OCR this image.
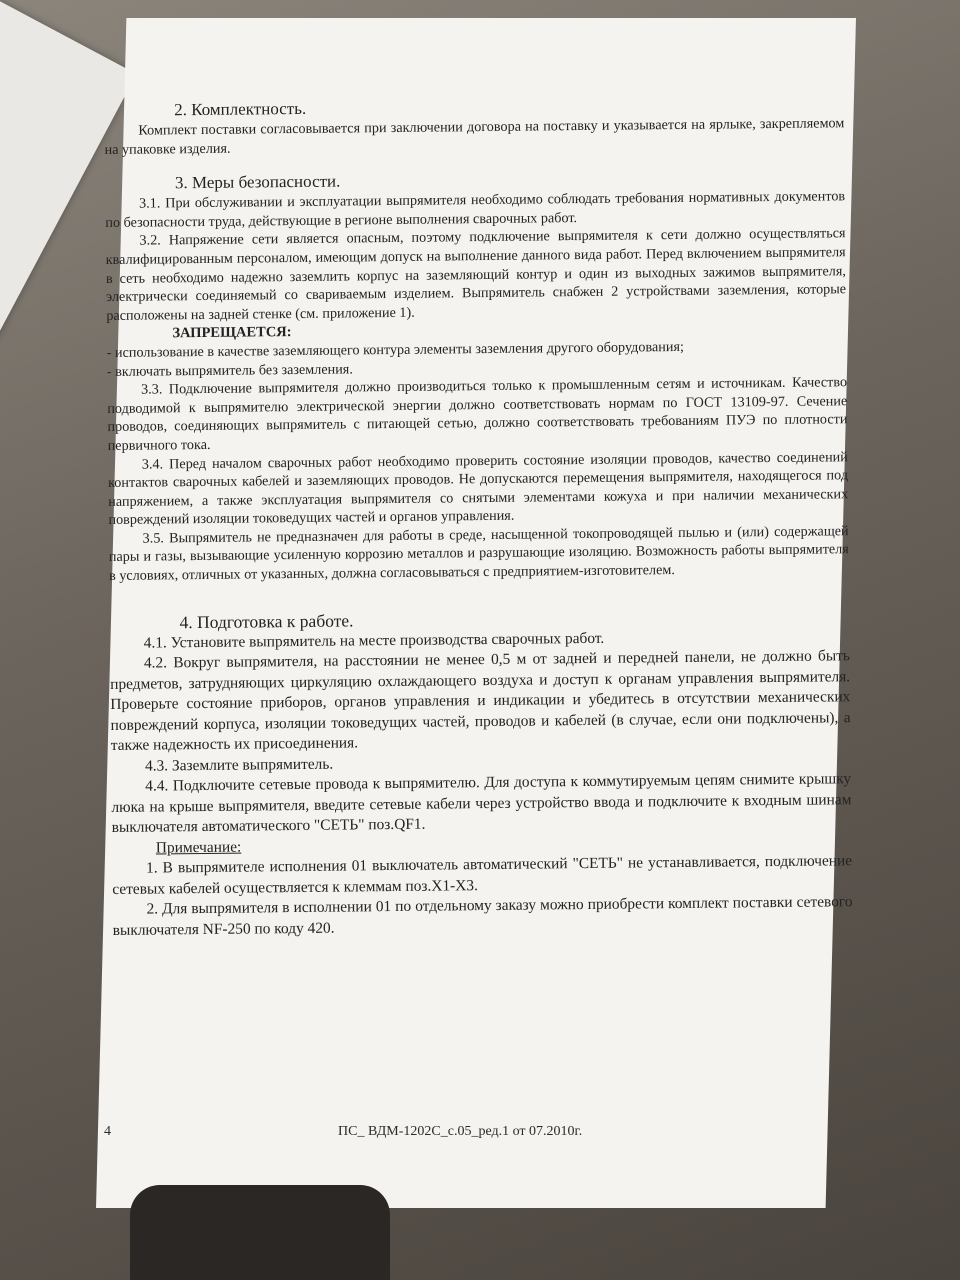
2. Комплектность.

Комплект поставки согласовывается при заключении договора на поставку и указывается на ярлыке, закрепляемом на упаковке изделия.

3. Меры безопасности.

3.1. При обслуживании и эксплуатации выпрямителя необходимо соблюдать требования нормативных документов по безопасности труда, действующие в регионе выполнения сварочных работ.

3.2. Напряжение сети является опасным, поэтому подключение выпрямителя к сети должно осуществляться квалифицированным персоналом, имеющим допуск на выполнение данного вида работ. Перед включением выпрямителя в сеть необходимо надежно заземлить корпус на заземляющий контур и один из выходных зажимов выпрямителя, электрически соединяемый со свариваемым изделием. Выпрямитель снабжен 2 устройствами заземления, которые расположены на задней стенке (см. приложение 1).

ЗАПРЕЩАЕТСЯ:

- использование в качестве заземляющего контура элементы заземления другого оборудования;

- включать выпрямитель без заземления.

3.3. Подключение выпрямителя должно производиться только к промышленным сетям и источникам. Качество подводимой к выпрямителю электрической энергии должно соответствовать нормам по ГОСТ 13109-97. Сечение проводов, соединяющих выпрямитель с питающей сетью, должно соответствовать требованиям ПУЭ по плотности первичного тока.

3.4. Перед началом сварочных работ необходимо проверить состояние изоляции проводов, качество соединений контактов сварочных кабелей и заземляющих проводов. Не допускаются перемещения выпрямителя, находящегося под напряжением, а также эксплуатация выпрямителя со снятыми элементами кожуха и при наличии механических повреждений изоляции токоведущих частей и органов управления.

3.5. Выпрямитель не предназначен для работы в среде, насыщенной токопроводящей пылью и (или) содержащей пары и газы, вызывающие усиленную коррозию металлов и разрушающие изоляцию. Возможность работы выпрямителя в условиях, отличных от указанных, должна согласовываться с предприятием-изготовителем.

4. Подготовка к работе.

4.1. Установите выпрямитель на месте производства сварочных работ.

4.2. Вокруг выпрямителя, на расстоянии не менее 0,5 м от задней и передней панели, не должно быть предметов, затрудняющих циркуляцию охлаждающего воздуха и доступ к органам управления выпрямителя. Проверьте состояние приборов, органов управления и индикации и убедитесь в отсутствии механических повреждений корпуса, изоляции токоведущих частей, проводов и кабелей (в случае, если они подключены), а также надежность их присоединения.

4.3. Заземлите выпрямитель.

4.4. Подключите сетевые провода к выпрямителю. Для доступа к коммутируемым цепям снимите крышку люка на крыше выпрямителя, введите сетевые кабели через устройство ввода и подключите к входным шинам выключателя автоматического "СЕТЬ" поз.QF1.

Примечание:

1. В выпрямителе исполнения 01 выключатель автоматический "СЕТЬ" не устанавливается, подключение сетевых кабелей осуществляется к клеммам поз.X1-X3.

2. Для выпрямителя в исполнении 01 по отдельному заказу можно приобрести комплект поставки сетевого выключателя NF-250 по коду 420.

4	ПС_ ВДМ-1202С_с.05_ред.1 от 07.2010г.
